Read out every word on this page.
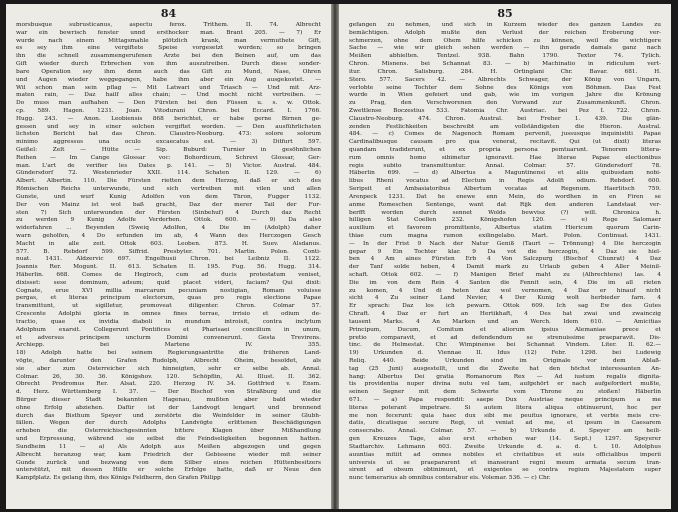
84
morsbusque subrusticanus, aspectu ferox. Trithem. II. 74. Albrecht
war ein bewrisch fenster unnd ersthocker man. Brant 205. — 7) Er
wurde nach einem Mittagsmahle plötzlich krank, man vermuthete Gift,
es sey ihm eine vergiftete Speise vorgesetzt worden; so bringen
ihn die schnell zusammengerufenen Ärzte bei den Beinen auf, um das
Gift wieder durch Erbrechen von ihm auszutreiben. Durch diese sonder-
bare Operation sey ihm denn auch das Gift zu Mund, Nase, Ohren
und Augen wieder weggegangen, habe ihm aber ein Aug ausgekostet. —
Wil schon man sein pflag — Mit Latwari und Triasch — Und mit Arz-
maten rain, — Daz hailf alles chain; — Und mocht nicht vertreiben. —
Do muss man aufhahen — Den Fürsten bei den Füssen u. s. w. Ottok.
cp. 589. Hagen. 1231. Joan. Vitodurani Chron. bei Eccard. I. 1766.
Hugg. 243. — Anon. Leobiensis 868 berichtet, er habe gerne Birnen ge-
gessen und sey in einer solchen vergiftet worden. — Den ausführlichsten
lichsten Bericht hat das Chron. Claustro-Neoburg. 473: solore solorum
minimo aggressus una oculo excaecatus est. — 3) Ditfurt 597.
Geißel: Zelt — Hütte — Sip. Buburd: Turnier in gesöhnlichen
Reihen — Im Cange Glossar voc: Bohordicum, Schrevi Glossar, Ger-
man. L'art de verifier les Dates p. 141. — 5) Victor. Austral. 484.
Gündersdorf 72. Westenrieder XXII. 114. Schaten II. 129. — 6)
Albert. Albertin. 110. Die Fürsten rietten dem Herzog, daß er sich des
Römischen Reichs unterwunde, und sich vertreiben mit vilen und allen
Gunste, und wurf Kunig Adolfen von dem Thron, Fugger 1132.
Der von Mainz ist wol baß gracht, Daz der merer Tail der Fur-
sten 7) Sich unterwunden der Fürsten (Sinbehuf) 4 Durch daz Recht
zu werden 9 Kunig Adolfe Verderben. Ottok. 600. — 9) Da also
widerfahren ... Beyenden (Sweiq Adolfen, 4 Die im (Adolph) daher
warn geholfen, 4 Do erfunden im ab, 4 Wann des Herczogen Gesch
Macht in alle zeit. Ottok 603. Leoben. 873. H. Suev. Alsdanus.
577. B. Rebdorf 599. Siffrid. Presbyter. 701. Martin. Polon. Conti-
nuat. 1431. Aldzervic 697. Engelhusii Chron. bei Leibniz II. 1122.
Joannis Rer. Mogunt. II. 613. Schaten II. 195. Fug. 56. Hugg. 314.
Häberlin. 668. Comes de Hegiroch, cum ad ducis protestatum veniset,
dixisset: sese dominum, adsum; quid placet videri, faciam? Qui dixit:
Cognate, erue XVI millia marcarum pecuniam nostigian, Romam voluisse
pergas, et literas principum electorum, quas pro regis electione Papae
transmittunt, ut sigilletur, promoveat diligenter. Chron. Colmar 57.
Crescente Adolphi gloria in omnes fines terrae, irrisio et odium de-
tractio, quae ex invidia diaboli in mundum introisit, contra inclytum
Adolphum exarsit. Collegerunt Pontifices et Pharisaei concilium in unum,
et adversus principem uncturm Domini convenerunt. Gesta Trevirens.
Archiepp. bei Martene IV. 355.
18) Adolph hatte bei seinem Regierungsantritte die früheren Land-
vögte, darunter den Grafen Rudolph, Albrecht Oheim, besoldet, als
sie aber zum Österreicher sich hinneigten, sehr er selbe ab. Annal.
Colmar. 26, 30. 36. Königshov. 120. Schöpflin, Al. Illust. II. 362.
Obrecht Prodromus Rer. Alsat. 220. Herzog IV. 34. Gottfried v. Ensm.
d. Herz. Württemberg I. 37. — Der Bischof von Straßburg und die
Bürger dieser Stadt bekannten Hagenau, mußten aber bald wieder
ohne Erfolg abziehen. Dafür ist der Landvogt lengart und brennend
durch das Bisthum Speyer und zerstörte die Weinfelder in seiner Glubh-
fällen. Wegen der durch Adolphs Landvögte erlittenen Beschädigungen
erhoben die Österreichischgesinnten bittere Klagen über Mißhandlung
und Erpressung, während sie selbst die Feindseligkeiten begonnen hatten.
Sundheim 11 — a) Als Adolph aus Meißen abgezogen und gegen
Albrecht heranzog war, kam Friedrich der Gebissene wieder mit seiner
Gunde zurück und bezwang von dem Silber eines reichen Hüttenbesitzers
unterstützt, mit dessen Hilfe er solche Erfolge hatte, daß er Neue den
Kampfplatz. Es gelang ihm, des Königs Feldherrn, den Grafen Philipp
85
gefangen zu nehmen, und sich in Kurzem wieder des ganzen Landes zu
bemächtigen. Adolph mußte den Verlust der reichen Eroberung ver-
schmerzen, ohne dem Ohem hilfe schicken zu können, weil die wichtigere
Sache — wie wir gleich sehen werden — ihn gerade damals ganz nach
Meißen abhielten. Tentzel. 938. Bahn 1790. Textor 74. Tylich.
Chron. Misnens. bei Schannat 83. — b) Machinatio in ridiculum vert-
itur. Chron. Salisburg. 284. H. Ortinglani Chr. Bavar. 681. H.
Stero. 577. Sacers 42. — Albrechts Schwager, der König von Ungarn,
verlobte seine Tochter dem Sohne des Königs von Böhmen. Das Fest
wurde in Wien gefeiert und gab, wie im vorigen Jahre die Krönung
zu Prag, den Verschworenen den Vorwand zur Zusammenkunft. Chron.
Zwettlense Boczestius 533. Fatomia Chr. Austriac. bei Pez I. 722. Chron.
Claustro-Neoburg. 474. Chron. Austral. bei Freher 1. 439. Die glän-
zenden Festlichkeiten beschreibt am vollständigsten die Hieron. Austral.
484. — c) Comes de Nagenoch Romam pervenit, jussusque inquinistiti Papae
Cardinalibusque causam pro qua venerat, recitavit. Qui (ut dixit) literas
quandam tradiderunt, et ex propria persona pemtuarunt. Tenorem littera-
rum omnis homo sibimetur ignoravit. Hae literae Papae electionibus
regis subito transmittuntur. Annal. Colmar. 57. Gündersdorf 78.
Häberlin 699. — d) Albertus a Maguntinensi et aliis quibusdam nobi-
libus Rheni vocatus ad Electum in Regis Adolfi odium. Rebdorf. 600.
Seripsit et Ambasiatoribus Albertum vocatas ad Regenum. Haerlitsch 759.
Arenpeck 1231. Dat he enewe enn Mein, do wordhen in en Firen se
anme Romeschen Sentenge, want dat Rijk den anderen Landstaat ver-
berfft worden durch sennet Wolds bewvisz (?) will. Chronica h.
hilligen Stat Coellen 232. Königshofen 120. — e) Rege Salomaer
auxilium et favorem promittente, Albertus statim Hiericum quorum Carin-
thiae cum magna rumon exilingelabo. Mart. Polon. Continuat. 1431.
— In der Frist 9 Nach der Natur Geniß (Taurt — Trönnung) 4 Die herczogin
gepar 9 Ein Tochter klar. 9 Da vot die herczogin, 4 Daz sie hiel-
ben 4 Am aines Fürsten Erb 4 Von Salczpurg (Bischof Chunrat) 4 Daz
der Tanf solde heben, 4 Damit mark zu Urlaub geben 4 Aller Meinil-
schaft. Ottok 602. — f) Manigen Brief maht zu (Albrechtens) las. 4
Die im von dem Rein 4 Santen die Fennit sein, 4 Die im all rieten
zu komen, 4 Und di heten daz wol vernomen, 4 Daz er hinauf nicht
sicht 4 Zu seiner Land Nevier, 4 Der Kunig wolt herbieder farn. 4
Er sprach: Daz los ich pewarn. Ottok 609. Ich sag Ew des Gutes
Chraft. 4 Daz er furt an Hertikhaft, 4 Des hat zwai und zwainczig
tausent Marks. 4 An Marken und an Werch. Idem 610. — Amicitias
Principum, Ducum, Comitum et aliorum ipsius Alemaniae prece et
pretio comparavit, et ad defendendum se strenuissime praeparavit. Dis-
tinc. de Helmestat. Chr. Wimpinense bei Schannat Vindem. Liter. II. 62.—
19) Urkunden d. Viennae II. Idus (12) Febr. 1298. bei Ludewig
Reliq. 440. Beide Urkunden sind im Originale vor dem Ablaß-
tag (25 Juni) ausgestellt, und die Zweite hat den höchst interessanten An-
hang: Albertus Dei gratia Romanorum Rex — Ad iustum regalis dignita-
tis providentia nuper divina nutu vel tam, aufgehört er nach aufgefordert mußte,
seinen Segner mit dem Schwerte vom Throne zu stoßen! Häberlin
671. — a) Papa respondit: saepe Dux Austriae neque principum a me
literas poterant impetrare. Si autem litera aliqua obtinuerunt, hoc per
me non fecerunt: quia haec dux sibi me peuitus ignorare, et verbis meis cre-
datis, dicatisque secure Regi, ut veniat ad me, et ipsum in Caesarem
consecrabo. Annal. Colmar. 57. — b) Urkunde d. Speyer am heili-
gen Kreuzes Tage, also erst erhoben war (14. Sept.) 1297. Speyerer
Stadtarchiv. Lehmann 603. Zweite Urkunde d. a. d. t. 10. Adolphus
auuntias mitiit ad omnes nobiles et civitatibus et suis officialibus imperii
universis ut se praepararent et inanserant regni meum armata secum tran-
sirent ad obsum obtinimunt, et exigentes se contra regium Majestatem super
nunc temerarius ab omnibus conterabur eis. Volemar. 536. — c) Chr.
